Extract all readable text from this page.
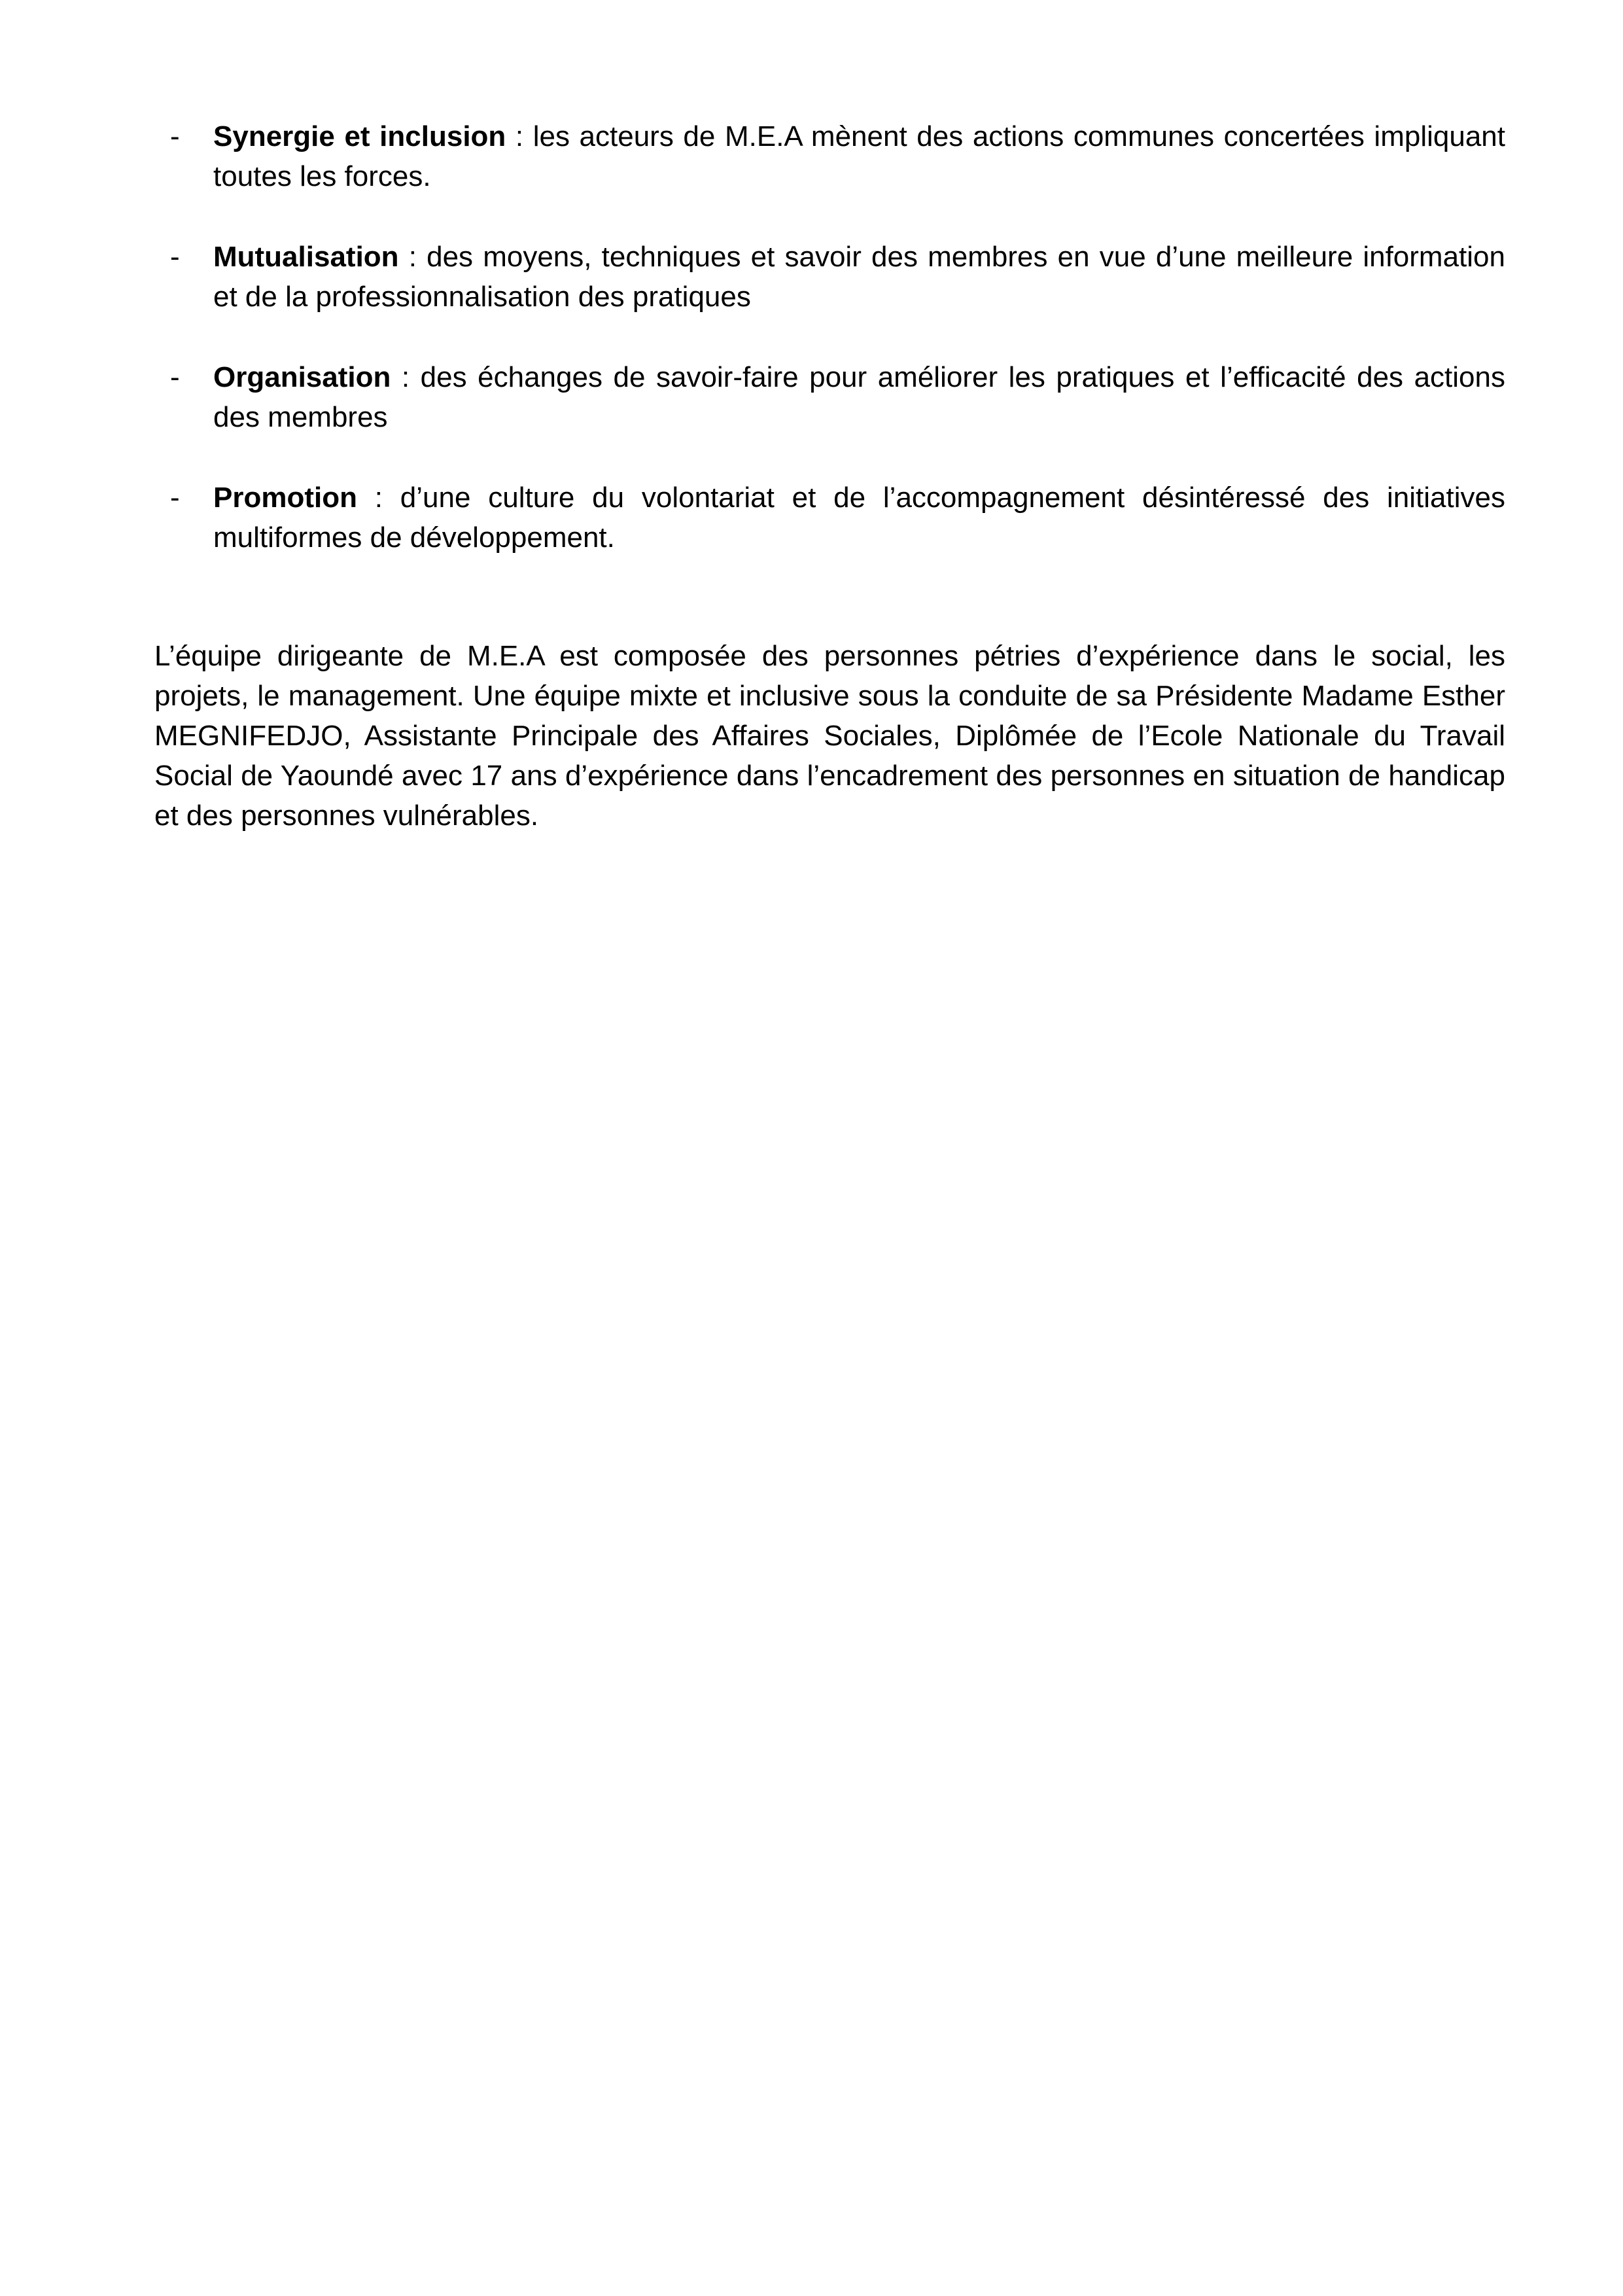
- Synergie et inclusion : les acteurs de M.E.A mènent des actions communes concertées impliquant toutes les forces.
- Mutualisation : des moyens, techniques et savoir des membres en vue d’une meilleure information et de la professionnalisation des pratiques
- Organisation : des échanges de savoir-faire pour améliorer les pratiques et l’efficacité des actions des membres
- Promotion : d’une culture du volontariat et de l’accompagnement désintéressé des initiatives multiformes de développement.

L’équipe dirigeante de M.E.A est composée des personnes pétries d’expérience dans le social, les projets, le management. Une équipe mixte et inclusive sous la conduite de sa Présidente Madame Esther MEGNIFEDJO, Assistante Principale des Affaires Sociales, Diplômée de l’Ecole Nationale du Travail Social de Yaoundé avec 17 ans d’expérience dans l’encadrement des personnes en situation de handicap et des personnes vulnérables.
